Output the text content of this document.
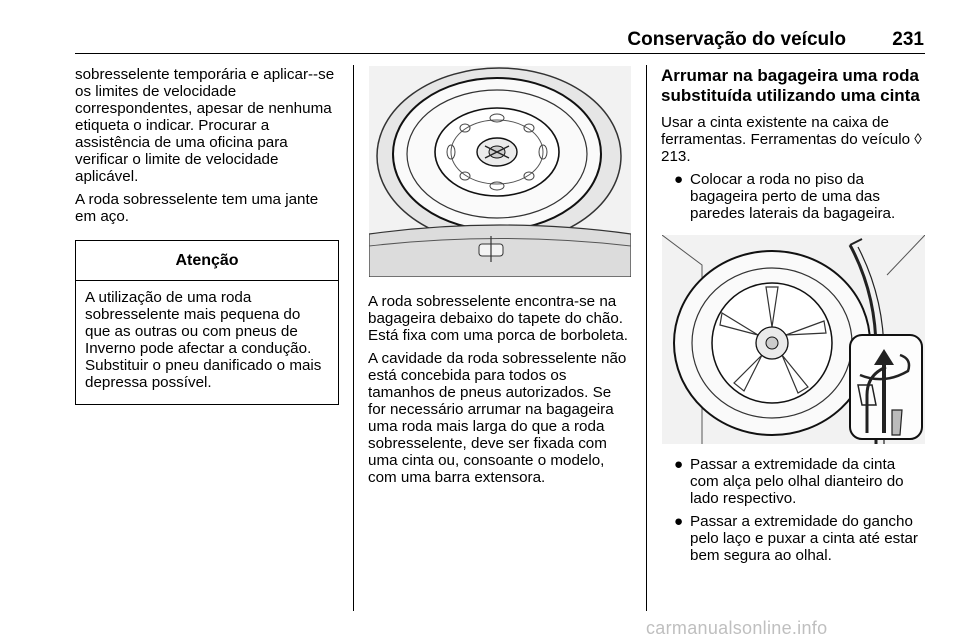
Conservação do veículo	231

sobresselente temporária e aplicar--se os limites de velocidade correspondentes, apesar de nenhuma etiqueta o indicar. Procurar a assistência de uma oficina para verificar o limite de velocidade aplicável.

A roda sobresselente tem uma jante em aço.

Atenção
A utilização de uma roda sobresselente mais pequena do que as outras ou com pneus de Inverno pode afectar a condução. Substituir o pneu danificado o mais depressa possível.

A roda sobresselente encontra-se na bagageira debaixo do tapete do chão. Está fixa com uma porca de borboleta.

A cavidade da roda sobresselente não está concebida para todos os tamanhos de pneus autorizados. Se for necessário arrumar na bagageira uma roda mais larga do que a roda sobresselente, deve ser fixada com uma cinta ou, consoante o modelo, com uma barra extensora.

Arrumar na bagageira uma roda substituída utilizando uma cinta

Usar a cinta existente na caixa de ferramentas. Ferramentas do veículo ◊ 213.

● Colocar a roda no piso da bagageira perto de uma das paredes laterais da bagageira.
● Passar a extremidade da cinta com alça pelo olhal dianteiro do lado respectivo.
● Passar a extremidade do gancho pelo laço e puxar a cinta até estar bem segura ao olhal.
carmanualsonline.info
